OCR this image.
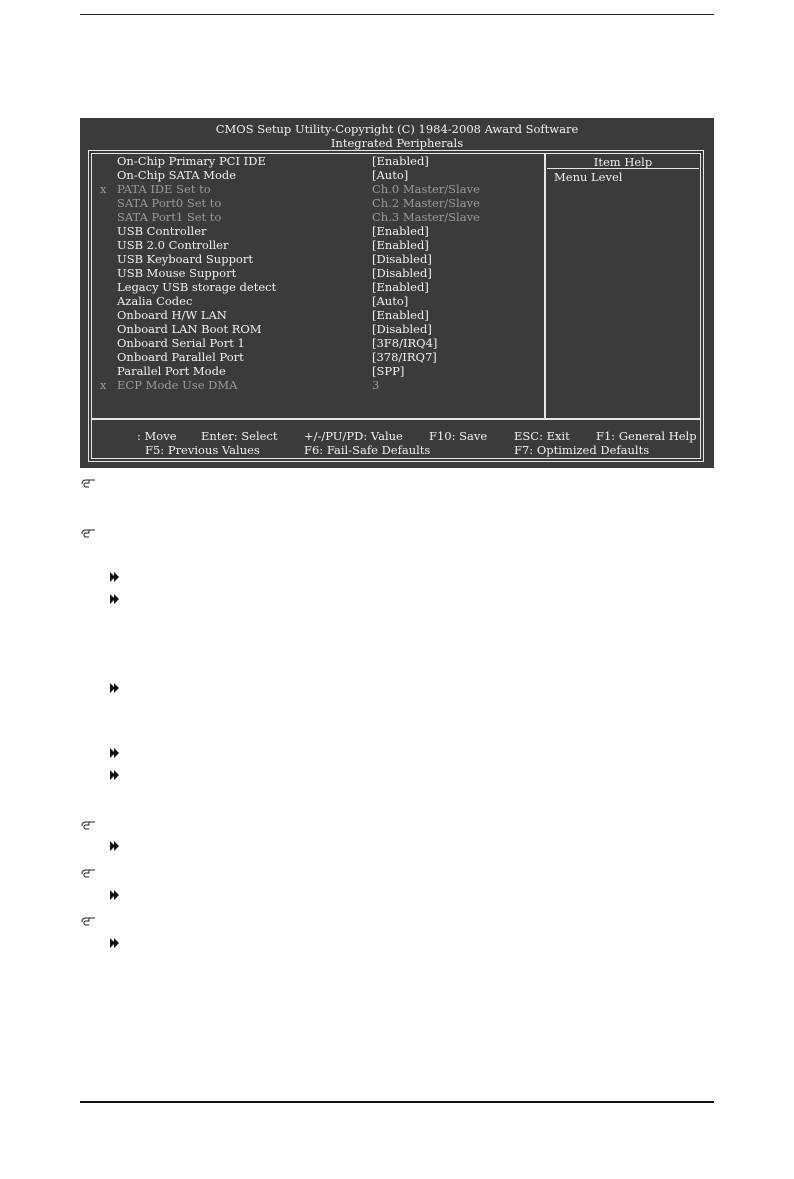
CMOS Setup Utility-Copyright (C) 1984-2008 Award Software
Integrated Peripherals
On-Chip Primary PCI IDE	[Enabled]
On-Chip SATA Mode	[Auto]
x PATA IDE Set to	Ch.0 Master/Slave
SATA Port0 Set to	Ch.2 Master/Slave
SATA Port1 Set to	Ch.3 Master/Slave
USB Controller	[Enabled]
USB 2.0 Controller	[Enabled]
USB Keyboard Support	[Disabled]
USB Mouse Support	[Disabled]
Legacy USB storage detect	[Enabled]
Azalia Codec	[Auto]
Onboard H/W LAN	[Enabled]
Onboard LAN Boot ROM	[Disabled]
Onboard Serial Port 1	[3F8/IRQ4]
Onboard Parallel Port	[378/IRQ7]
Parallel Port Mode	[SPP]
x ECP Mode Use DMA	3
Item Help
Menu Level
: Move Enter: Select +/-/PU/PD: Value F10: Save ESC: Exit F1: General Help
F5: Previous Values	F6: Fail-Safe Defaults	F7: Optimized Defaults
